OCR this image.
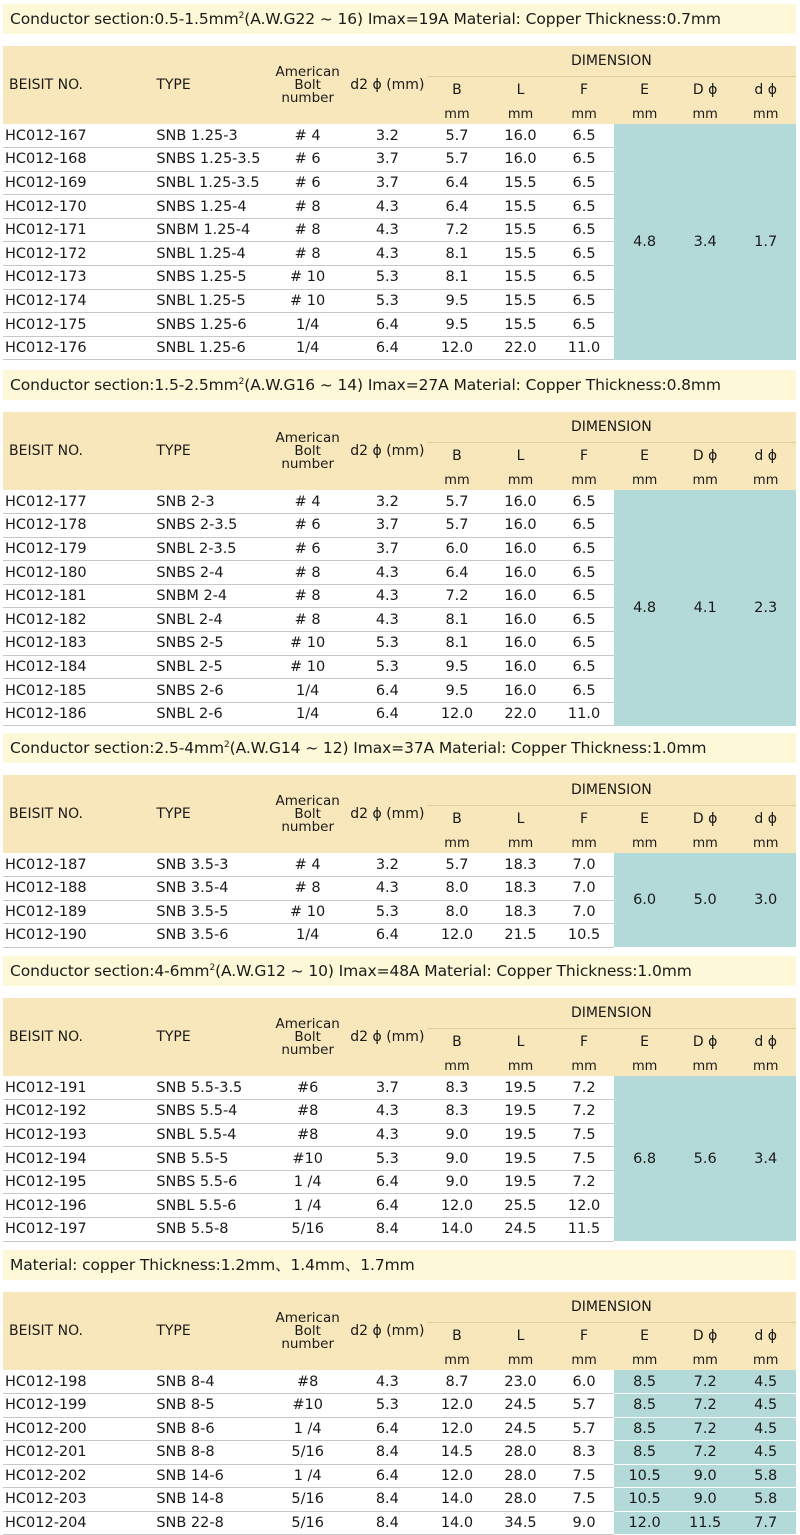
Conductor $section:0.5-1.5mm^2(A.W.G22$ ~ 16) Imax=19A Material: Copper Thickness:0.7mm
BEISIT NO.	TYPE	American
Bolt
number	d2 ϕ (mm)	DIMENSION					
				B	L	F	E	D ϕ	d ϕ
				mm	mm	mm	mm	mm	mm
HC012-167	SNB 1.25-3	# 4	3.2	5.7	16.0	6.5	4.8	3.4	1.7
HC012-168	SNBS 1.25-3.5	# 6	3.7	5.7	16.0	6.5			
HC012-169	SNBL 1.25-3.5	# 6	3.7	6.4	15.5	6.5			
HC012-170	SNBS 1.25-4	# 8	4.3	6.4	15.5	6.5			
HC012-171	SNBM 1.25-4	# 8	4.3	7.2	15.5	6.5			
HC012-172	SNBL 1.25-4	# 8	4.3	8.1	15.5	6.5			
HC012-173	SNBS 1.25-5	# 10	5.3	8.1	15.5	6.5			
HC012-174	SNBL 1.25-5	# 10	5.3	9.5	15.5	6.5			
HC012-175	SNBS 1.25-6	1/4	6.4	9.5	15.5	6.5			
HC012-176	SNBL 1.25-6	1/4	6.4	12.0	22.0	11.0			
Conductor $section:1.5-2.5mm^2(A.W.G16$ ~ 14) Imax=27A Material: Copper Thickness:0.8mm
BEISIT NO.	TYPE	American
Bolt
number	d2 ϕ (mm)	DIMENSION					
				B	L	F	E	D ϕ	d ϕ
				mm	mm	mm	mm	mm	mm
HC012-177	SNB 2-3	# 4	3.2	5.7	16.0	6.5	4.8	4.1	2.3
HC012-178	SNBS 2-3.5	# 6	3.7	5.7	16.0	6.5			
HC012-179	SNBL 2-3.5	# 6	3.7	6.0	16.0	6.5			
HC012-180	SNBS 2-4	# 8	4.3	6.4	16.0	6.5			
HC012-181	SNBM 2-4	# 8	4.3	7.2	16.0	6.5			
HC012-182	SNBL 2-4	# 8	4.3	8.1	16.0	6.5			
HC012-183	SNBS 2-5	# 10	5.3	8.1	16.0	6.5			
HC012-184	SNBL 2-5	# 10	5.3	9.5	16.0	6.5			
HC012-185	SNBS 2-6	1/4	6.4	9.5	16.0	6.5			
HC012-186	SNBL 2-6	1/4	6.4	12.0	22.0	11.0			
Conductor $section:2.5-4mm^2(A.W.G14$ ~ 12) Imax=37A Material: Copper Thickness:1.0mm
BEISIT NO.	TYPE	American
Bolt
number	d2 ϕ (mm)	DIMENSION					
				B	L	F	E	D ϕ	d ϕ
				mm	mm	mm	mm	mm	mm
HC012-187	SNB 3.5-3	# 4	3.2	5.7	18.3	7.0	6.0	5.0	3.0
HC012-188	SNB 3.5-4	# 8	4.3	8.0	18.3	7.0			
HC012-189	SNB 3.5-5	# 10	5.3	8.0	18.3	7.0			
HC012-190	SNB 3.5-6	1/4	6.4	12.0	21.5	10.5			
Conductor $section:4-6mm^2(A.W.G12$ ~ 10) Imax=48A Material: Copper Thickness:1.0mm
BEISIT NO.	TYPE	American
Bolt
number	d2 ϕ (mm)	DIMENSION					
				B	L	F	E	D ϕ	d ϕ
				mm	mm	mm	mm	mm	mm
HC012-191	SNB 5.5-3.5	#6	3.7	8.3	19.5	7.2	6.8	5.6	3.4
HC012-192	SNBS 5.5-4	#8	4.3	8.3	19.5	7.2			
HC012-193	SNBL 5.5-4	#8	4.3	9.0	19.5	7.5			
HC012-194	SNB 5.5-5	#10	5.3	9.0	19.5	7.5			
HC012-195	SNBS 5.5-6	1 /4	6.4	9.0	19.5	7.2			
HC012-196	SNBL 5.5-6	1 /4	6.4	12.0	25.5	12.0			
HC012-197	SNB 5.5-8	5/16	8.4	14.0	24.5	11.5			
Material: copper Thickness:1.2mm、1.4mm、1.7mm
BEISIT NO.	TYPE	American
Bolt
number	d2 ϕ (mm)	DIMENSION					
				B	L	F	E	D ϕ	d ϕ
				mm	mm	mm	mm	mm	mm
HC012-198	SNB 8-4	#8	4.3	8.7	23.0	6.0	8.5	7.2	4.5
HC012-199	SNB 8-5	#10	5.3	12.0	24.5	5.7	8.5	7.2	4.5
HC012-200	SNB 8-6	1 /4	6.4	12.0	24.5	5.7	8.5	7.2	4.5
HC012-201	SNB 8-8	5/16	8.4	14.5	28.0	8.3	8.5	7.2	4.5
HC012-202	SNB 14-6	1 /4	6.4	12.0	28.0	7.5	10.5	9.0	5.8
HC012-203	SNB 14-8	5/16	8.4	14.0	28.0	7.5	10.5	9.0	5.8
HC012-204	SNB 22-8	5/16	8.4	14.0	34.5	9.0	12.0	11.5	7.7
